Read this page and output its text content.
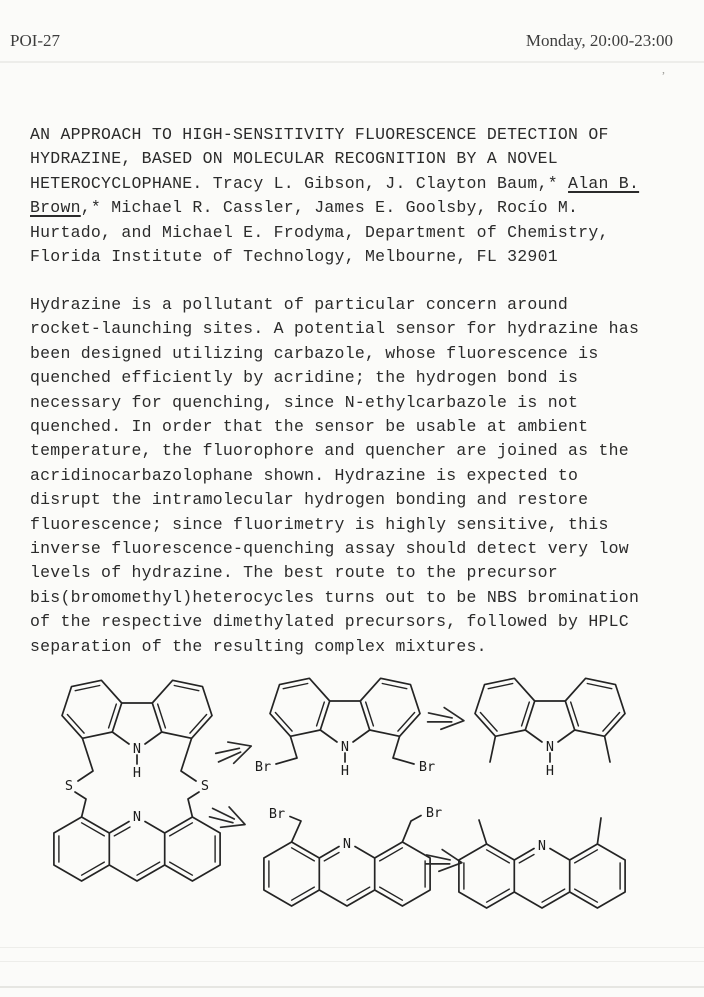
POI-27	Monday, 20:00-23:00
AN APPROACH TO HIGH-SENSITIVITY FLUORESCENCE DETECTION OF
HYDRAZINE, BASED ON MOLECULAR RECOGNITION BY A NOVEL
HETEROCYCLOPHANE. Tracy L. Gibson, J. Clayton Baum,* Alan B.
Brown,* Michael R. Cassler, James E. Goolsby, Rocío M.
Hurtado, and Michael E. Frodyma, Department of Chemistry,
Florida Institute of Technology, Melbourne, FL 32901
Hydrazine is a pollutant of particular concern around
rocket-launching sites. A potential sensor for hydrazine has
been designed utilizing carbazole, whose fluorescence is
quenched efficiently by acridine; the hydrogen bond is
necessary for quenching, since N-ethylcarbazole is not
quenched. In order that the sensor be usable at ambient
temperature, the fluorophore and quencher are joined as the
acridinocarbazolophane shown. Hydrazine is expected to
disrupt the intramolecular hydrogen bonding and restore
fluorescence; since fluorimetry is highly sensitive, this
inverse fluorescence-quenching assay should detect very low
levels of hydrazine. The best route to the precursor
bis(bromomethyl)heterocycles turns out to be NBS bromination
of the respective dimethylated precursors, followed by HPLC
separation of the resulting complex mixtures.
N
H
S	S
N
N
H
Br	Br
N
H
N
Br	Br
N
,
